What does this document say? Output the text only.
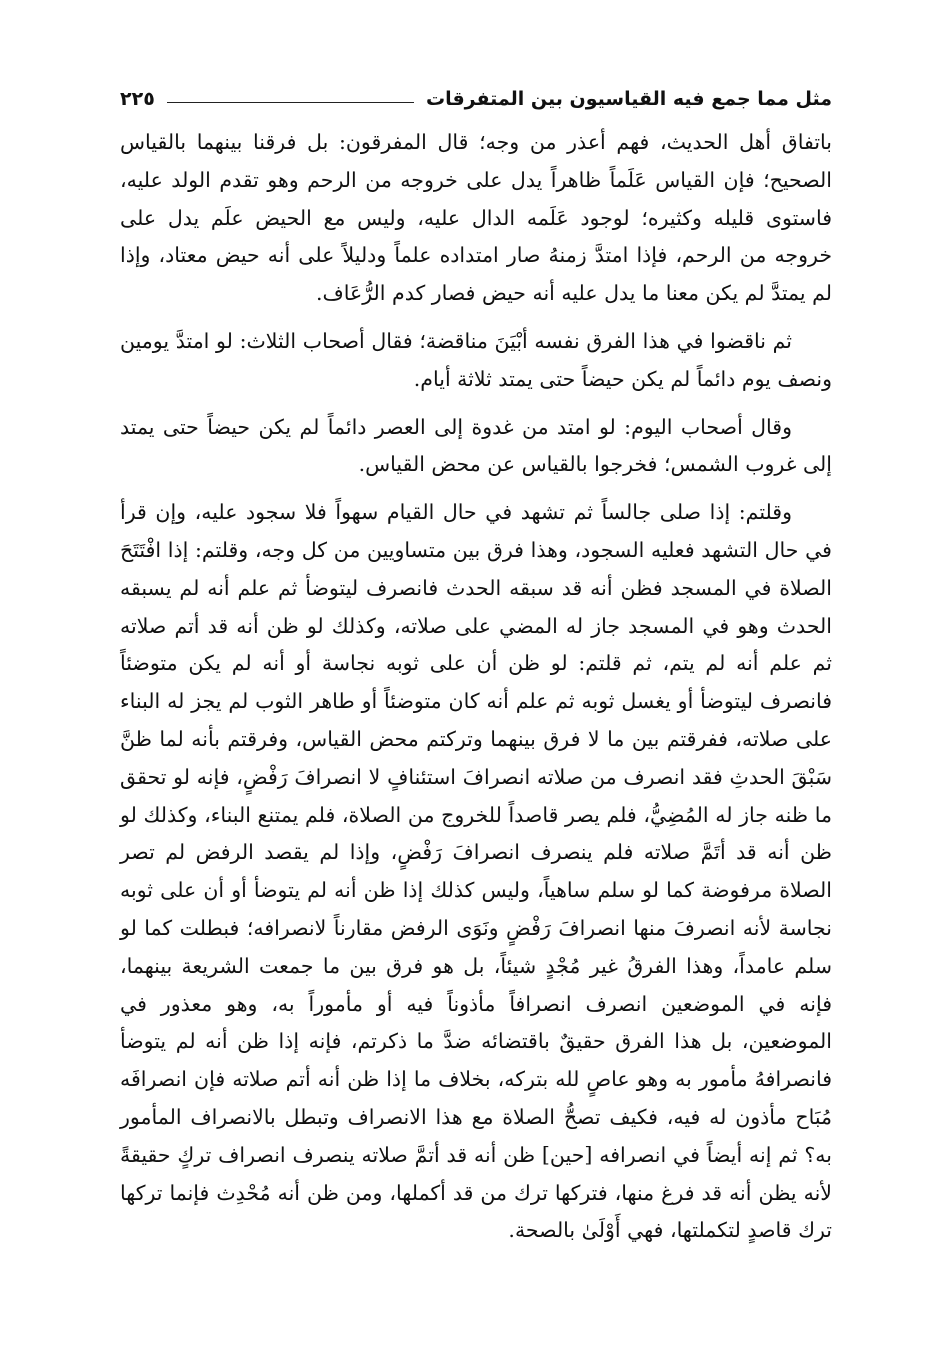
مثل مما جمع فيه القياسيون بين المتفرقات
٢٢٥

باتفاق أهل الحديث، فهم أعذر من وجه؛ قال المفرقون: بل فرقنا بينهما بالقياس الصحيح؛ فإن القياس عَلَماً ظاهراً يدل على خروجه من الرحم وهو تقدم الولد عليه، فاستوى قليله وكثيره؛ لوجود عَلَمه الدال عليه، وليس مع الحيض علَم يدل على خروجه من الرحم، فإذا امتدَّ زمنهُ صار امتداده علماً ودليلاً على أنه حيض معتاد، وإذا لم يمتدَّ لم يكن معنا ما يدل عليه أنه حيض فصار كدم الرُّعَاف.

ثم ناقضوا في هذا الفرق نفسه أبْيَنَ مناقضة؛ فقال أصحاب الثلاث: لو امتدَّ يومين ونصف يوم دائماً لم يكن حيضاً حتى يمتد ثلاثة أيام.

وقال أصحاب اليوم: لو امتد من غدوة إلى العصر دائماً لم يكن حيضاً حتى يمتد إلى غروب الشمس؛ فخرجوا بالقياس عن محض القياس.

وقلتم: إذا صلى جالساً ثم تشهد في حال القيام سهواً فلا سجود عليه، وإن قرأ في حال التشهد فعليه السجود، وهذا فرق بين متساويين من كل وجه، وقلتم: إذا افْتَتَحَ الصلاة في المسجد فظن أنه قد سبقه الحدث فانصرف ليتوضأ ثم علم أنه لم يسبقه الحدث وهو في المسجد جاز له المضي على صلاته، وكذلك لو ظن أنه قد أتم صلاته ثم علم أنه لم يتم، ثم قلتم: لو ظن أن على ثوبه نجاسة أو أنه لم يكن متوضئاً فانصرف ليتوضأ أو يغسل ثوبه ثم علم أنه كان متوضئاً أو طاهر الثوب لم يجز له البناء على صلاته، ففرقتم بين ما لا فرق بينهما وتركتم محض القياس، وفرقتم بأنه لما ظنَّ سَبْقَ الحدثِ فقد انصرف من صلاته انصرافَ استئنافٍ لا انصرافَ رَفْضٍ، فإنه لو تحقق ما ظنه جاز له المُضِيُّ، فلم يصر قاصداً للخروج من الصلاة، فلم يمتنع البناء، وكذلك لو ظن أنه قد أتَمَّ صلاته فلم ينصرف انصرافَ رَفْضٍ، وإذا لم يقصد الرفض لم تصر الصلاة مرفوضة كما لو سلم ساهياً، وليس كذلك إذا ظن أنه لم يتوضأ أو أن على ثوبه نجاسة لأنه انصرفَ منها انصرافَ رَفْضٍ ونَوَى الرفض مقارناً لانصرافه؛ فبطلت كما لو سلم عامداً، وهذا الفرقُ غير مُجْدٍ شيئاً، بل هو فرق بين ما جمعت الشريعة بينهما، فإنه في الموضعين انصرف انصرافاً مأذوناً فيه أو مأموراً به، وهو معذور في الموضعين، بل هذا الفرق حقيقٌ باقتضائه ضدَّ ما ذكرتم، فإنه إذا ظن أنه لم يتوضأ فانصرافهُ مأمور به وهو عاصٍ لله بتركه، بخلاف ما إذا ظن أنه أتم صلاته فإن انصرافَه مُبَاح مأذون له فيه، فكيف تصحُّ الصلاة مع هذا الانصراف وتبطل بالانصراف المأمور به؟ ثم إنه أيضاً في انصرافه [حين] ظن أنه قد أتمَّ صلاته ينصرف انصراف تركٍ حقيقةً لأنه يظن أنه قد فرغ منها، فتركها ترك من قد أكملها، ومن ظن أنه مُحْدِث فإنما تركها ترك قاصدٍ لتكملتها، فهي أَوْلَىٰ بالصحة.
